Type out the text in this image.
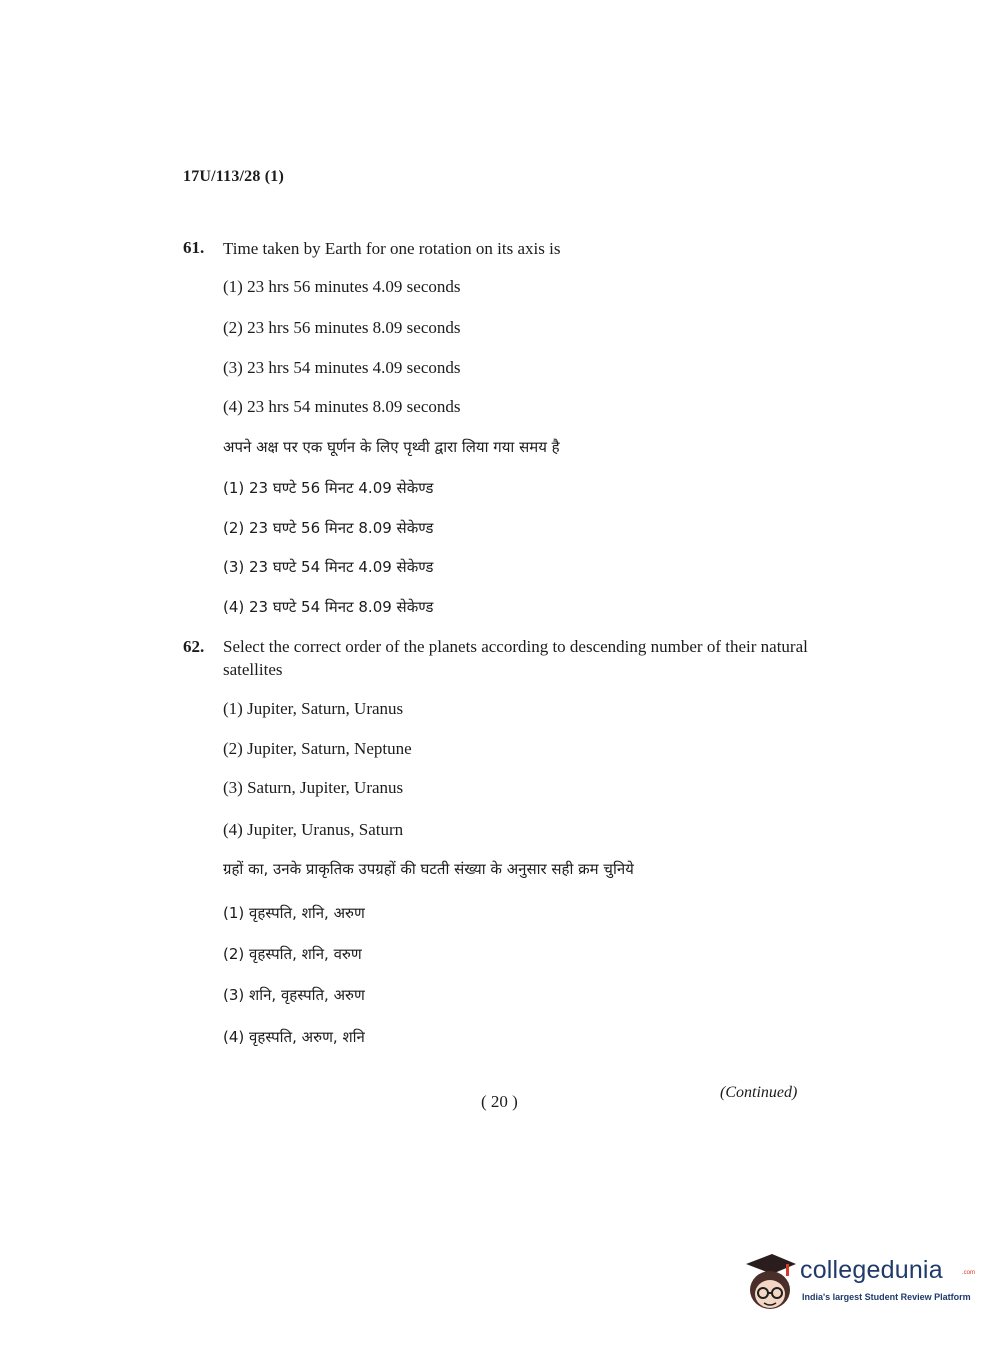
17U/113/28 (1)
61. Time taken by Earth for one rotation on its axis is
(1) 23 hrs 56 minutes 4.09 seconds
(2) 23 hrs 56 minutes 8.09 seconds
(3) 23 hrs 54 minutes 4.09 seconds
(4) 23 hrs 54 minutes 8.09 seconds
अपने अक्ष पर एक घूर्णन के लिए पृथ्वी द्वारा लिया गया समय है
(1) 23 घण्टे 56 मिनट 4.09 सेकेण्ड
(2) 23 घण्टे 56 मिनट 8.09 सेकेण्ड
(3) 23 घण्टे 54 मिनट 4.09 सेकेण्ड
(4) 23 घण्टे 54 मिनट 8.09 सेकेण्ड
62. Select the correct order of the planets according to descending number of their natural satellites
(1) Jupiter, Saturn, Uranus
(2) Jupiter, Saturn, Neptune
(3) Saturn, Jupiter, Uranus
(4) Jupiter, Uranus, Saturn
ग्रहों का, उनके प्राकृतिक उपग्रहों की घटती संख्या के अनुसार सही क्रम चुनिये
(1) वृहस्पति, शनि, अरुण
(2) वृहस्पति, शनि, वरुण
(3) शनि, वृहस्पति, अरुण
(4) वृहस्पति, अरुण, शनि
( 20 )	(Continued)
collegedunia	.com
India's largest Student Review Platform
